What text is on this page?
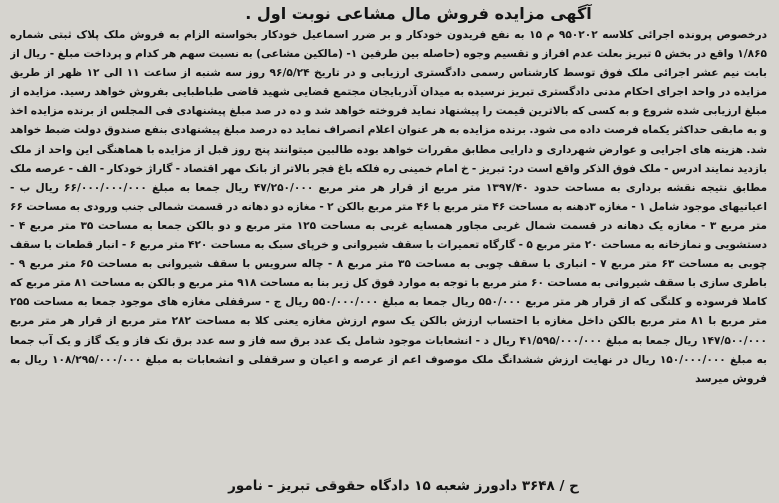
آگهی مزایده فروش مال مشاعی نوبت اول .

درخصوص پرونده اجرائی کلاسه ۹۵۰۲۰۲ م ۱۵ به نفع فریدون خودکار و بر ضرر اسماعیل خودکار بخواسته الزام به فروش ملک پلاک ثبتی شماره ۱/۸۶۵ واقع در بخش ۵ تبریز بعلت عدم افراز و تقسیم وجوه (حاصله بین طرفین ۱- (مالکین مشاعی) به نسبت سهم هر کدام و پرداخت مبلغ - ریال از بابت نیم عشر اجرائی ملک فوق توسط کارشناس رسمی دادگستری ارزیابی و در تاریخ ۹۶/۵/۲۴ روز سه شنبه از ساعت ۱۱ الی ۱۲ ظهر از طریق مزایده در واحد اجرای احکام مدنی دادگستری تبریز نرسیده به میدان آذربایجان مجتمع قضایی شهید قاضی طباطبایی بفروش خواهد رسید. مزایده از مبلغ ارزیابی شده شروع و به کسی که بالاترین قیمت را پیشنهاد نماید فروخته خواهد شد و ده در صد مبلغ پیشنهادی فی المجلس از برنده مزایده اخذ و به مابقی حداکثر یکماه فرصت داده می شود. برنده مزایده به هر عنوان اعلام انصراف نماید ده درصد مبلغ پیشنهادی بنفع صندوق دولت ضبط خواهد شد. هزینه های اجرایی و عوارض شهرداری و دارایی مطابق مقررات خواهد بوده طالبین میتوانند پنج روز قبل از مزایده با هماهنگی این واحد از ملک بازدید نمایند ادرس - ملک فوق الذکر واقع است در: تبریز - خ امام خمینی ره فلکه باغ فجر بالاتر از بانک مهر اقتصاد - گاراژ خودکار - الف - عرصه ملک مطابق نتیجه نقشه برداری به مساحت حدود ۱۳۹۷/۴۰ متر مربع از قرار هر متر مربع ۴۷/۲۵۰/۰۰۰ ریال جمعا به مبلغ ۶۶/۰۰۰/۰۰۰/۰۰۰ ریال ب - اعیانیهای موجود شامل ۱ - مغازه ۳دهنه به مساحت ۴۶ متر مربع با ۴۶ متر مربع بالکن ۲ - مغازه دو دهانه در قسمت شمالی جنب ورودی به مساحت ۶۶ متر مربع ۳ - مغازه یک دهانه در قسمت شمال غربی مجاور همسایه غربی به مساحت ۱۲۵ متر مربع و دو بالکن جمعا به مساحت ۳۵ متر مربع ۴ - دستشویی و نمازخانه به مساحت ۲۰ متر مربع ۵ - گارگاه تعمیرات با سقف شیروانی و خرپای سبک به مساحت ۴۲۰ متر مربع ۶ - انبار قطعات با سقف چوبی به مساحت ۶۳ متر مربع ۷ - انباری با سقف چوبی به مساحت ۳۵ متر مربع ۸ - چاله سرویس با سقف شیروانی به مساحت ۶۵ متر مربع ۹ - باطری سازی با سقف شیروانی به مساحت ۶۰ متر مربع با توجه به موارد فوق کل زیر بنا به مساحت ۹۱۸ متر مربع و بالکن به مساحت ۸۱ متر مربع که کاملا فرسوده و کلنگی که از قرار هر متر مربع ۵۵۰/۰۰۰ ریال جمعا به مبلغ ۵۵۰/۰۰۰/۰۰۰ ریال ج - سرقفلی مغازه های موجود جمعا به مساحت ۲۵۵ متر مربع با ۸۱ متر مربع بالکن داخل مغازه با احتساب ارزش بالکن یک سوم ارزش مغازه یعنی کلا به مساحت ۲۸۲ متر مربع از قرار هر متر مربع ۱۴۷/۵۰۰/۰۰۰ ریال جمعا به مبلغ ۴۱/۵۹۵/۰۰۰/۰۰۰ ریال د - انشعابات موجود شامل یک عدد برق سه فاز و سه عدد برق تک فاز و یک گاز و یک آب جمعا به مبلغ ۱۵۰/۰۰۰/۰۰۰ ریال در نهایت ارزش ششدانگ ملک موصوف اعم از عرصه و اعیان و سرقفلی و انشعابات به مبلغ ۱۰۸/۲۹۵/۰۰۰/۰۰۰ ریال به فروش میرسد

ح / ۳۶۴۸ دادورز شعبه ۱۵ دادگاه حقوقی تبریز - نامور
